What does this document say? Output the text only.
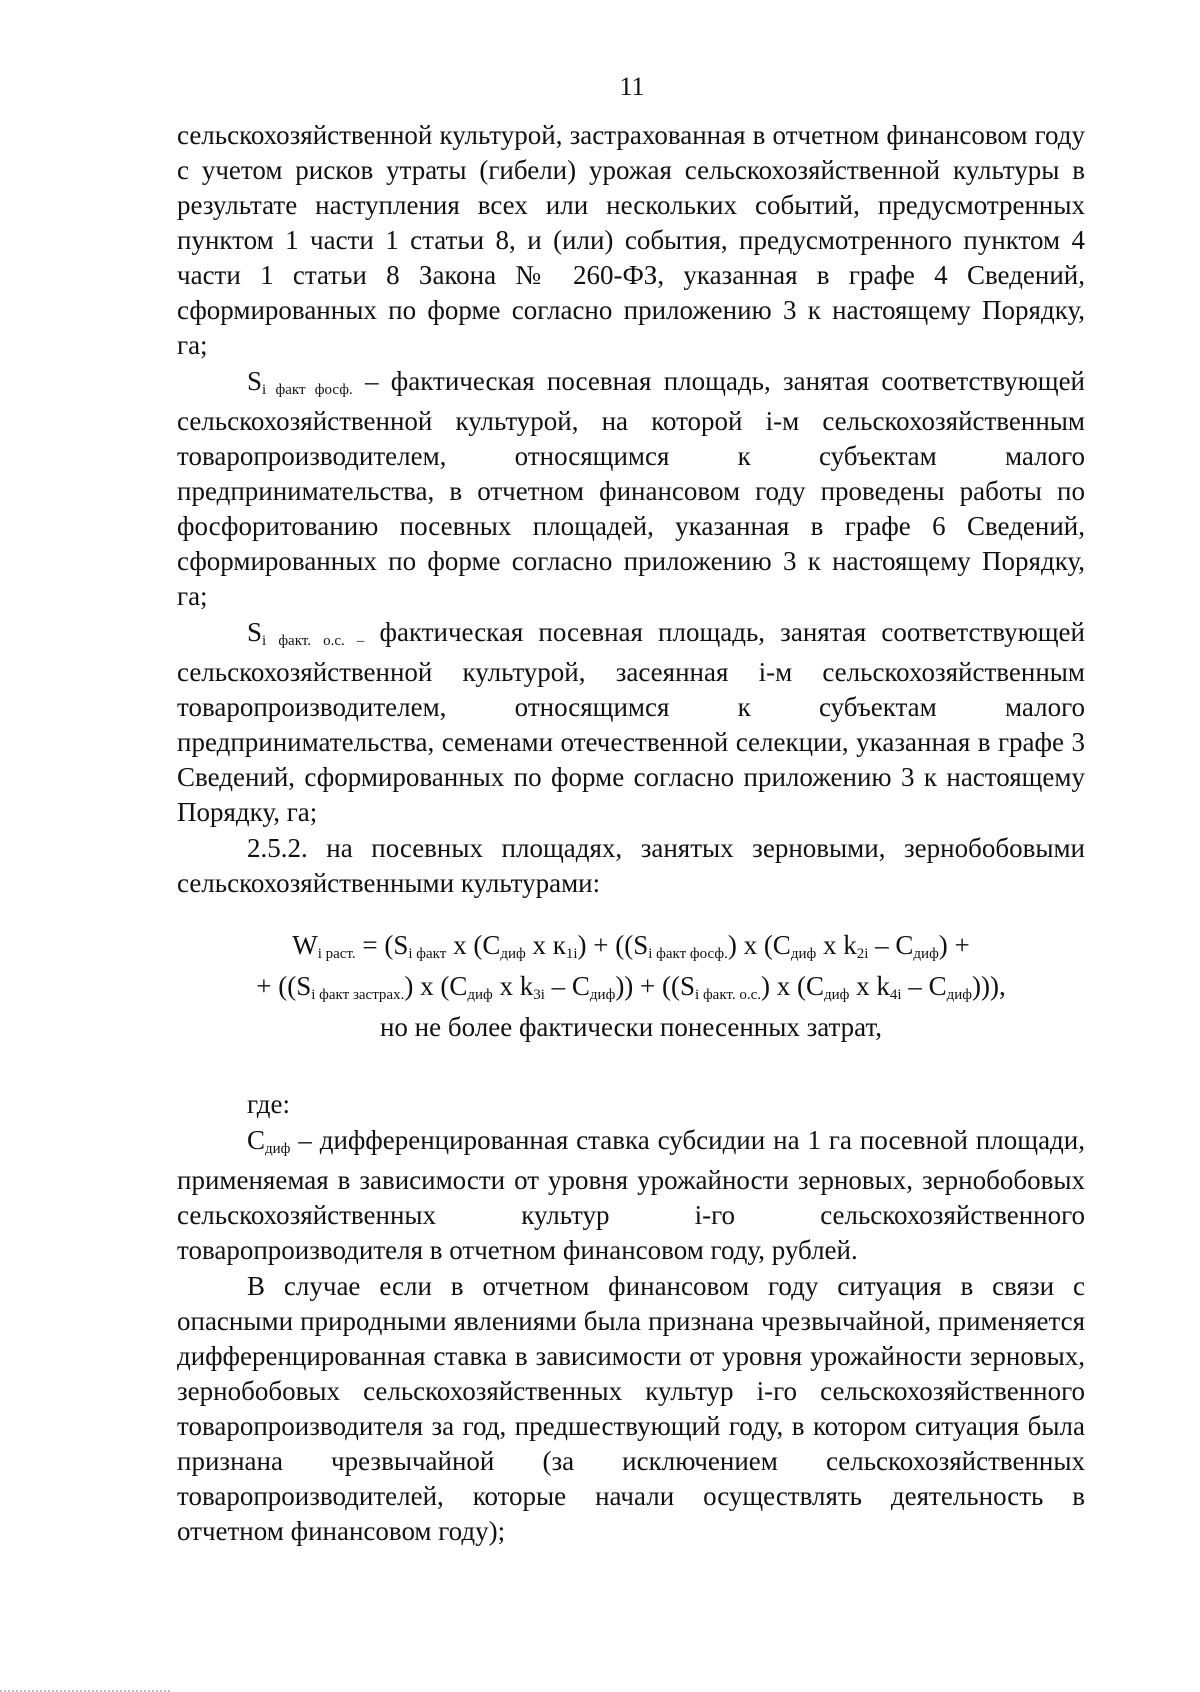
11

сельскохозяйственной культурой, застрахованная в отчетном финансовом году с учетом рисков утраты (гибели) урожая сельскохозяйственной культуры в результате наступления всех или нескольких событий, предусмотренных пунктом 1 части 1 статьи 8, и (или) события, предусмотренного пунктом 4 части 1 статьи 8 Закона № 260-ФЗ, указанная в графе 4 Сведений, сформированных по форме согласно приложению 3 к настоящему Порядку, га;

Si факт фосф. – фактическая посевная площадь, занятая соответствующей сельскохозяйственной культурой, на которой i-м сельскохозяйственным товаропроизводителем, относящимся к субъектам малого предпринимательства, в отчетном финансовом году проведены работы по фосфоритованию посевных площадей, указанная в графе 6 Сведений, сформированных по форме согласно приложению 3 к настоящему Порядку, га;

Si факт. о.с. – фактическая посевная площадь, занятая соответствующей сельскохозяйственной культурой, засеянная i-м сельскохозяйственным товаропроизводителем, относящимся к субъектам малого предпринимательства, семенами отечественной селекции, указанная в графе 3 Сведений, сформированных по форме согласно приложению 3 к настоящему Порядку, га;

2.5.2. на посевных площадях, занятых зерновыми, зернобобовыми сельскохозяйственными культурами:

Wi раст. = (Si факт x (Cдиф x к1i) + ((Si факт фосф.) x (Cдиф x k2i – Cдиф) +
+ ((Si факт застрах.) x (Cдиф x k3i – Cдиф)) + ((Si факт. о.с.) x (Cдиф x k4i – Cдиф))),
но не более фактически понесенных затрат,

где:

Cдиф – дифференцированная ставка субсидии на 1 га посевной площади, применяемая в зависимости от уровня урожайности зерновых, зернобобовых сельскохозяйственных культур i-го сельскохозяйственного товаропроизводителя в отчетном финансовом году, рублей.

В случае если в отчетном финансовом году ситуация в связи с опасными природными явлениями была признана чрезвычайной, применяется дифференцированная ставка в зависимости от уровня урожайности зерновых, зернобобовых сельскохозяйственных культур i-го сельскохозяйственного товаропроизводителя за год, предшествующий году, в котором ситуация была признана чрезвычайной (за исключением сельскохозяйственных товаропроизводителей, которые начали осуществлять деятельность в отчетном финансовом году);
